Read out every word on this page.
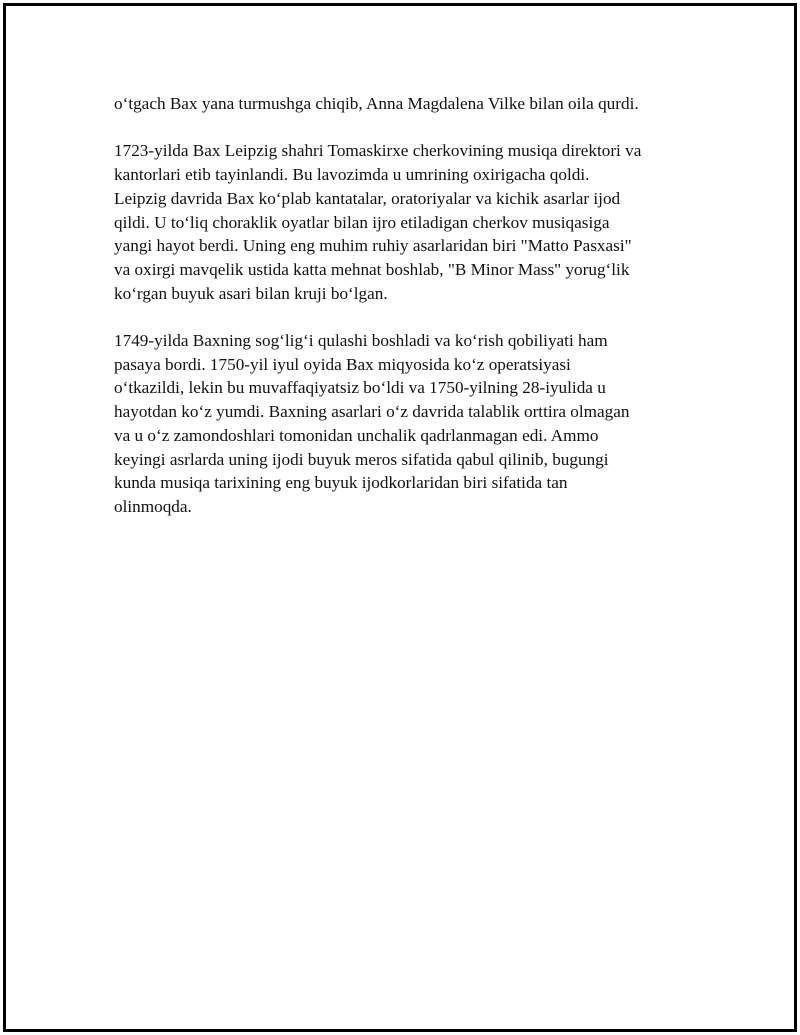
o‘tgach Bax yana turmushga chiqib, Anna Magdalena Vilke bilan oila qurdi.

1723-yilda Bax Leipzig shahri Tomaskirxe cherkovining musiqa direktori va
kantorlari etib tayinlandi. Bu lavozimda u umrining oxirigacha qoldi.
Leipzig davrida Bax ko‘plab kantatalar, oratoriyalar va kichik asarlar ijod
qildi. U to‘liq choraklik oyatlar bilan ijro etiladigan cherkov musiqasiga
yangi hayot berdi. Uning eng muhim ruhiy asarlaridan biri "Matto Pasxasi"
va oxirgi mavqelik ustida katta mehnat boshlab, "B Minor Mass" yorug‘lik
ko‘rgan buyuk asari bilan kruji bo‘lgan.

1749-yilda Baxning sog‘lig‘i qulashi boshladi va ko‘rish qobiliyati ham
pasaya bordi. 1750-yil iyul oyida Bax miqyosida ko‘z operatsiyasi
o‘tkazildi, lekin bu muvaffaqiyatsiz bo‘ldi va 1750-yilning 28-iyulida u
hayotdan ko‘z yumdi. Baxning asarlari o‘z davrida talablik orttira olmagan
va u o‘z zamondoshlari tomonidan unchalik qadrlanmagan edi. Ammo
keyingi asrlarda uning ijodi buyuk meros sifatida qabul qilinib, bugungi
kunda musiqa tarixining eng buyuk ijodkorlaridan biri sifatida tan
olinmoqda.
